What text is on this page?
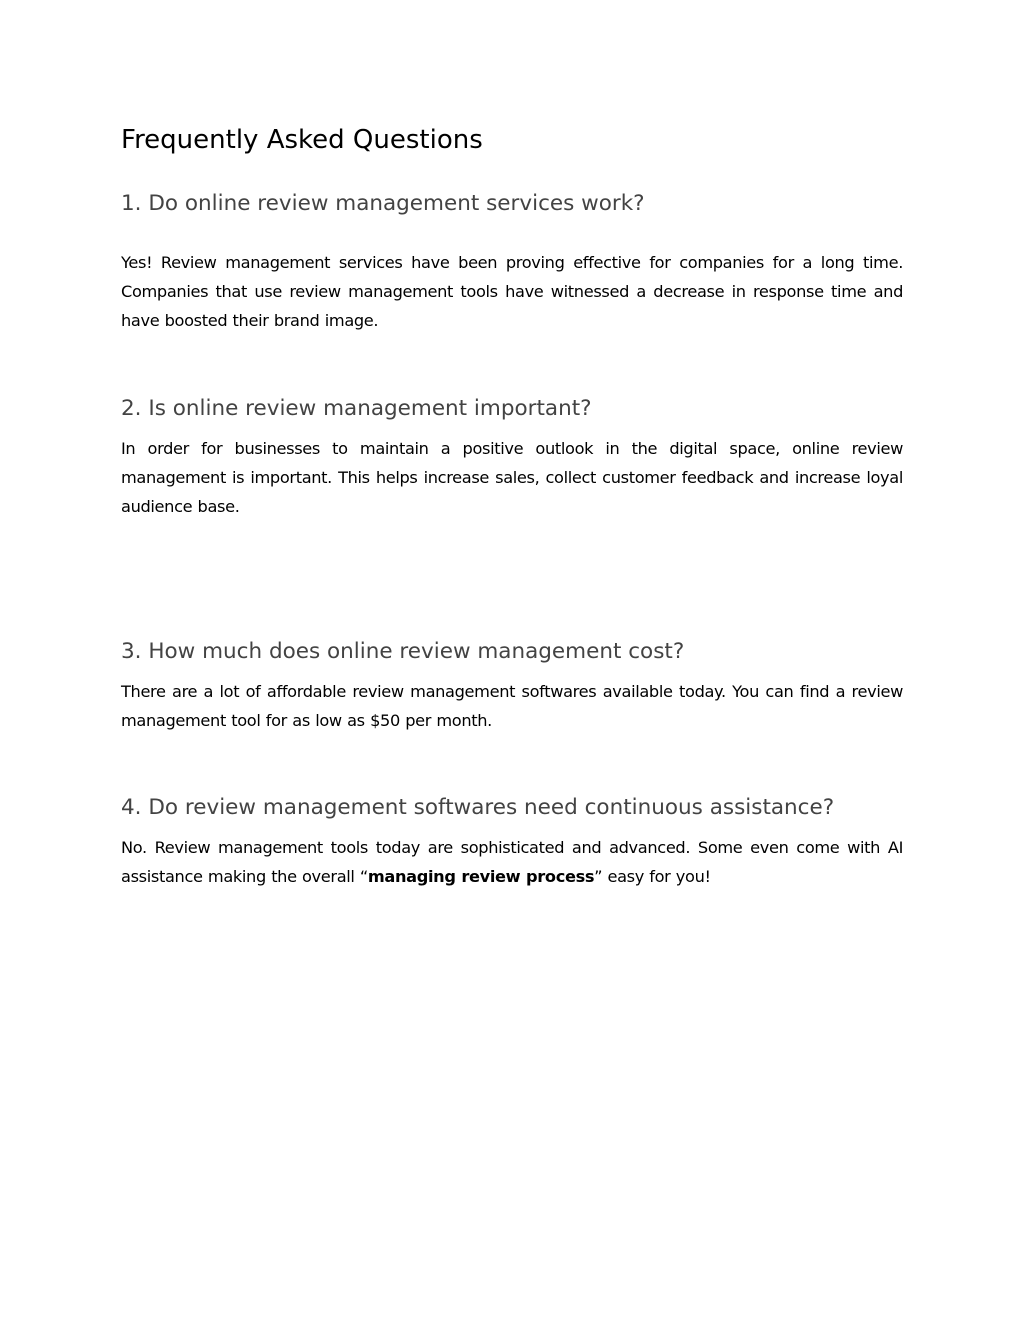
Frequently Asked Questions
1. Do online review management services work?

Yes! Review management services have been proving effective for companies for a long time. Companies that use review management tools have witnessed a decrease in response time and have boosted their brand image.

2. Is online review management important?

In order for businesses to maintain a positive outlook in the digital space, online review management is important. This helps increase sales, collect customer feedback and increase loyal audience base.

3. How much does online review management cost?

There are a lot of affordable review management softwares available today. You can find a review management tool for as low as $50 per month.

4. Do review management softwares need continuous assistance?

No. Review management tools today are sophisticated and advanced. Some even come with AI assistance making the overall “managing review process” easy for you!
